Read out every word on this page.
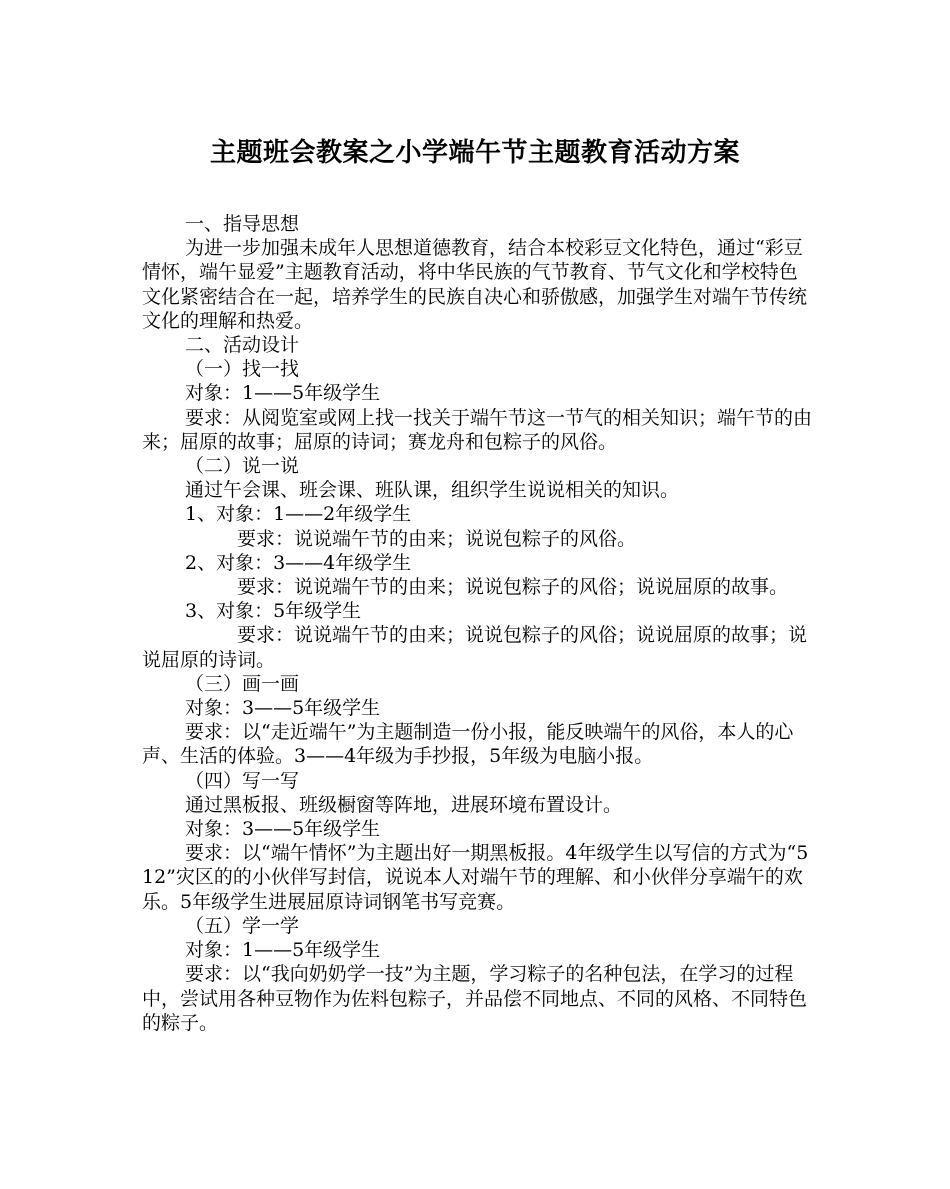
主题班会教案之小学端午节主题教育活动方案

一、指导思想

为进一步加强未成年人思想道德教育，结合本校彩豆文化特色，通过“彩豆情怀，端午显爱”主题教育活动，将中华民族的气节教育、节气文化和学校特色文化紧密结合在一起，培养学生的民族自决心和骄傲感，加强学生对端午节传统文化的理解和热爱。

二、活动设计

（一）找一找

对象：1——5年级学生

要求：从阅览室或网上找一找关于端午节这一节气的相关知识；端午节的由来；屈原的故事；屈原的诗词；赛龙舟和包粽子的风俗。

（二）说一说

通过午会课、班会课、班队课，组织学生说说相关的知识。

1、对象：1——2年级学生

要求：说说端午节的由来；说说包粽子的风俗。

2、对象：3——4年级学生

要求：说说端午节的由来；说说包粽子的风俗；说说屈原的故事。

3、对象：5年级学生

要求：说说端午节的由来；说说包粽子的风俗；说说屈原的故事；说说屈原的诗词。

（三）画一画

对象：3——5年级学生

要求：以“走近端午”为主题制造一份小报，能反映端午的风俗，本人的心声、生活的体验。3——4年级为手抄报，5年级为电脑小报。

（四）写一写

通过黑板报、班级橱窗等阵地，进展环境布置设计。

对象：3——5年级学生

要求：以“端午情怀”为主题出好一期黑板报。4年级学生以写信的方式为“512”灾区的的小伙伴写封信，说说本人对端午节的理解、和小伙伴分享端午的欢乐。5年级学生进展屈原诗词钢笔书写竞赛。

（五）学一学

对象：1——5年级学生

要求：以“我向奶奶学一技”为主题，学习粽子的名种包法，在学习的过程中，尝试用各种豆物作为佐料包粽子，并品偿不同地点、不同的风格、不同特色的粽子。
